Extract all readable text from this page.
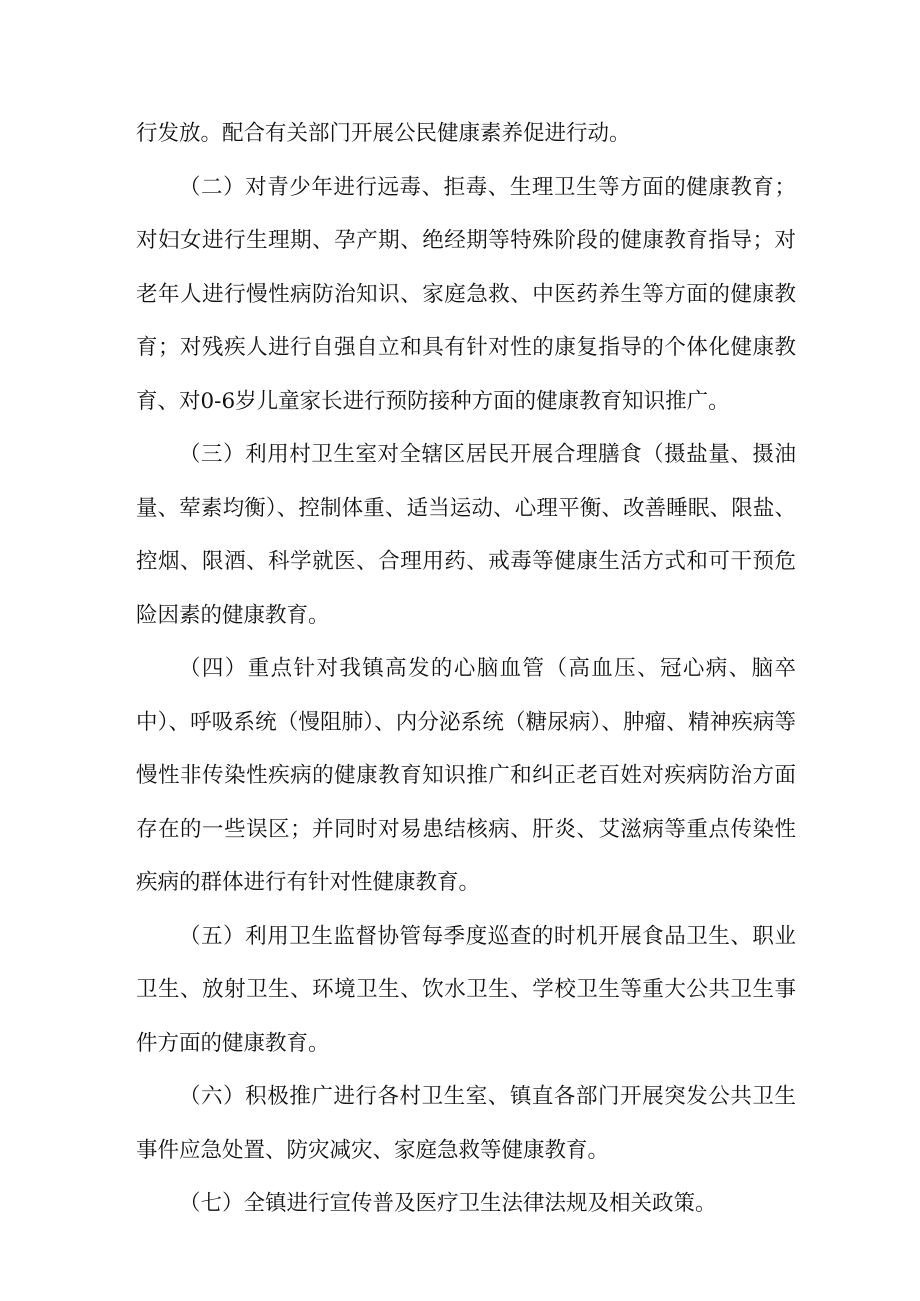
行发放。配合有关部门开展公民健康素养促进行动。

（二）对青少年进行远毒、拒毒、生理卫生等方面的健康教育；对妇女进行生理期、孕产期、绝经期等特殊阶段的健康教育指导；对老年人进行慢性病防治知识、家庭急救、中医药养生等方面的健康教育；对残疾人进行自强自立和具有针对性的康复指导的个体化健康教育、对0-6岁儿童家长进行预防接种方面的健康教育知识推广。

（三）利用村卫生室对全辖区居民开展合理膳食（摄盐量、摄油量、荤素均衡）、控制体重、适当运动、心理平衡、改善睡眠、限盐、控烟、限酒、科学就医、合理用药、戒毒等健康生活方式和可干预危险因素的健康教育。

（四）重点针对我镇高发的心脑血管（高血压、冠心病、脑卒中）、呼吸系统（慢阻肺）、内分泌系统（糖尿病）、肿瘤、精神疾病等慢性非传染性疾病的健康教育知识推广和纠正老百姓对疾病防治方面存在的一些误区；并同时对易患结核病、肝炎、艾滋病等重点传染性疾病的群体进行有针对性健康教育。

（五）利用卫生监督协管每季度巡查的时机开展食品卫生、职业卫生、放射卫生、环境卫生、饮水卫生、学校卫生等重大公共卫生事件方面的健康教育。

（六）积极推广进行各村卫生室、镇直各部门开展突发公共卫生事件应急处置、防灾减灾、家庭急救等健康教育。

（七）全镇进行宣传普及医疗卫生法律法规及相关政策。
